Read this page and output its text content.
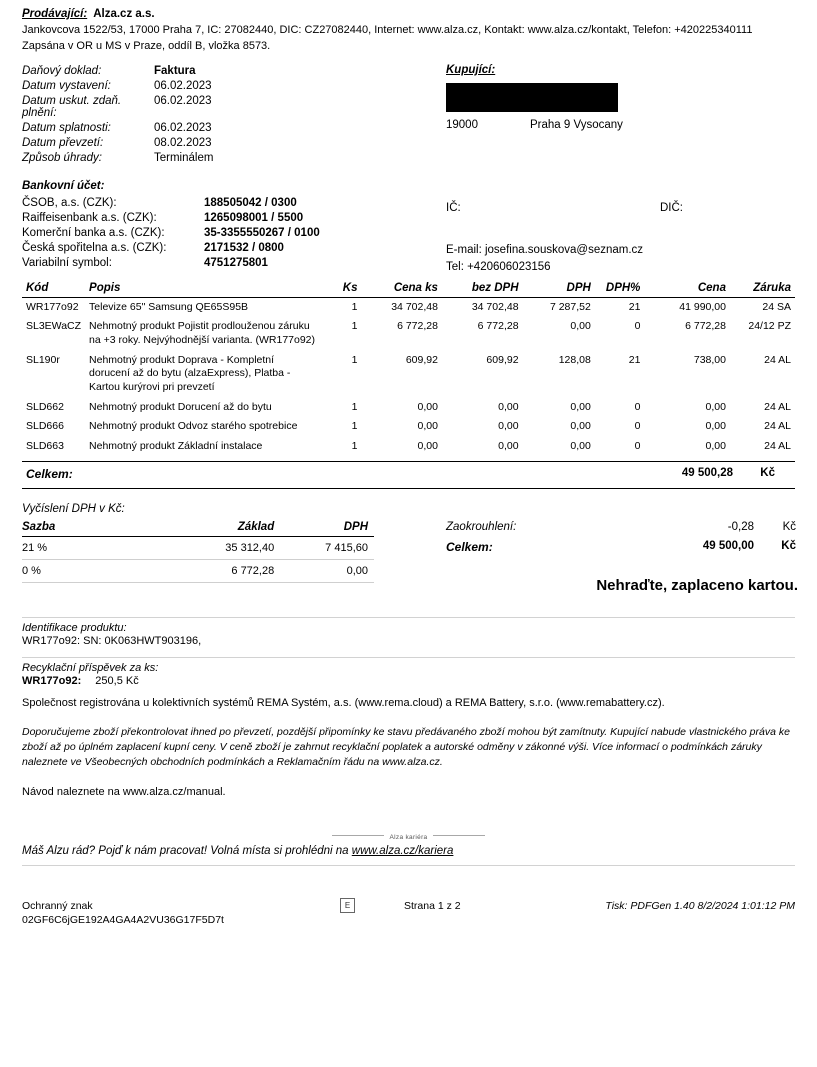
Prodávající: Alza.cz a.s.
Jankovcova 1522/53, 17000 Praha 7, IC: 27082440, DIC: CZ27082440, Internet: www.alza.cz, Kontakt: www.alza.cz/kontakt, Telefon: +420225340111
Zapsána v OR u MS v Praze, oddíl B, vložka 8573.
Daňový doklad:	Faktura
Datum vystavení:	06.02.2023
Datum uskut. zdaň. plnění:	06.02.2023
Datum splatnosti:	06.02.2023
Datum převzetí:	08.02.2023
Způsob úhrady:	Terminálem
Kupující:
19000	Praha 9 Vysocany
Bankovní účet:
ČSOB, a.s. (CZK):	188505042 / 0300
Raiffeisenbank a.s. (CZK):	1265098001 / 5500
Komerční banka a.s. (CZK):	35-3355550267 / 0100
Česká spořitelna a.s. (CZK):	2171532 / 0800
Variabilní symbol:	4751275801
IČ:	DIČ:
E-mail: josefina.souskova@seznam.cz
Tel: +420606023156
Kód	Popis	Ks	Cena ks	bez DPH	DPH	DPH%	Cena	Záruka
WR177o92	Televize 65" Samsung QE65S95B	1	34 702,48	34 702,48	7 287,52	21	41 990,00	24 SA
SL3EWaCZ	Nehmotný produkt Pojistit prodlouženou záruku na +3 roky. Nejvýhodnější varianta. (WR177o92)	1	6 772,28	6 772,28	0,00	0	6 772,28	24/12 PZ
SL190r	Nehmotný produkt Doprava - Kompletní dorucení až do bytu (alzaExpress), Platba - Kartou kurýrovi pri prevzetí	1	609,92	609,92	128,08	21	738,00	24 AL
SLD662	Nehmotný produkt Dorucení až do bytu	1	0,00	0,00	0,00	0	0,00	24 AL
SLD666	Nehmotný produkt Odvoz starého spotrebice	1	0,00	0,00	0,00	0	0,00	24 AL
SLD663	Nehmotný produkt Základní instalace	1	0,00	0,00	0,00	0	0,00	24 AL
Celkem:	49 500,28 Kč
Vyčíslení DPH v Kč:
Sazba	Základ	DPH
21 %	35 312,40	7 415,60
0 %	6 772,28	0,00
Zaokrouhlení:	-0,28 Kč
Celkem:	49 500,00 Kč
Nehraďte, zaplaceno kartou.
Identifikace produktu:
WR177o92: SN: 0K063HWT903196,
Recyklační příspěvek za ks:
WR177o92: 250,5 Kč
Společnost registrována u kolektivních systémů REMA Systém, a.s. (www.rema.cloud) a REMA Battery, s.r.o. (www.remabattery.cz).
Doporučujeme zboží překontrolovat ihned po převzetí, pozdější připomínky ke stavu předávaného zboží mohou být zamítnuty. Kupující nabude vlastnického práva ke zboží až po úplném zaplacení kupní ceny. V ceně zboží je zahrnut recyklační poplatek a autorské odměny v zákonné výši. Více informací o podmínkách záruky naleznete ve Všeobecných obchodních podmínkách a Reklamačním řádu na www.alza.cz.
Návod naleznete na www.alza.cz/manual.
Alza kariéra
Máš Alzu rád? Pojď k nám pracovat! Volná místa si prohlédni na www.alza.cz/kariera
Ochranný znak
02GF6C6jGE192A4GA4A2VU36G17F5D7t
E	Strana 1 z 2	Tisk: PDFGen 1.40 8/2/2024 1:01:12 PM
